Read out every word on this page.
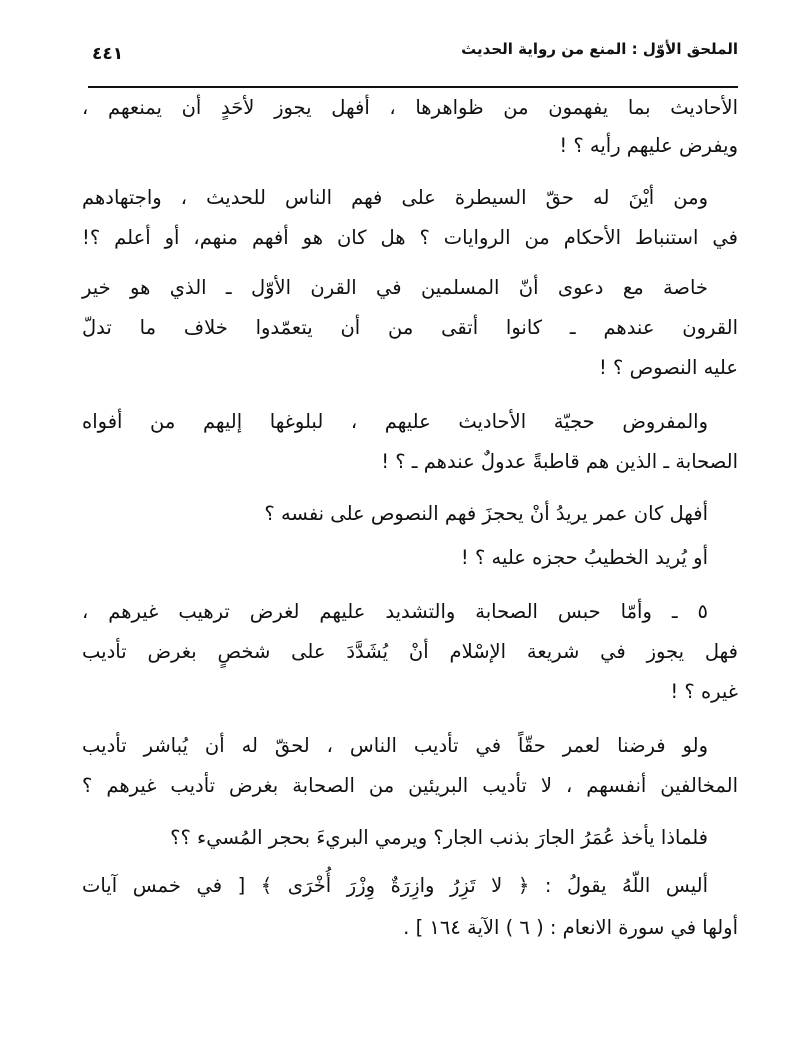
الملحق الأوّل : المنع من رواية الحديث
٤٤١
الأحاديث بما يفهمون من ظواهرها ، أفهل يجوز لأحَدٍ أن يمنعهم ،
ويفرض عليهم رأيه ؟ !
ومن أيْنَ له حقّ السيطرة على فهم الناس للحديث ، واجتهادهم
في استنباط الأحكام من الروايات ؟ هل كان هو أفهم منهم، أو أعلم ؟!
خاصة مع دعوى أنّ المسلمين في القرن الأوّل ـ الذي هو خير
القرون عندهم ـ كانوا أتقى من أن يتعمّدوا خلاف ما تدلّ
عليه النصوص ؟ !
والمفروض حجيّة الأحاديث عليهم ، لبلوغها إليهم من أفواه
الصحابة ـ الذين هم قاطبةً عدولٌ عندهم ـ ؟ !
أفهل كان عمر يريدُ أنْ يحجزَ فهم النصوص على نفسه ؟
أو يُريد الخطيبُ حجزه عليه ؟ !
٥ ـ وأمّا حبس الصحابة والتشديد عليهم لغرض ترهيب غيرهم ،
فهل يجوز في شريعة الإسْلام أنْ يُشَدَّدَ على شخصٍ بغرض تأديب
غيره ؟ !
ولو فرضنا لعمر حقّاً في تأديب الناس ، لحقّ له أن يُباشر تأديب
المخالفين أنفسهم ، لا تأديب البريئين من الصحابة بغرض تأديب غيرهم ؟
فلماذا يأخذ عُمَرُ الجارَ بذنب الجار؟ ويرمي البريءَ بحجر المُسيء ؟؟
أليس اللّهُ يقولُ : ﴿ لا تَزِرُ وازِرَةٌ وِزْرَ أُخْرَى ﴾ [ في خمس آيات
أولها في سورة الانعام : ( ٦ ) الآية ١٦٤ ] .
